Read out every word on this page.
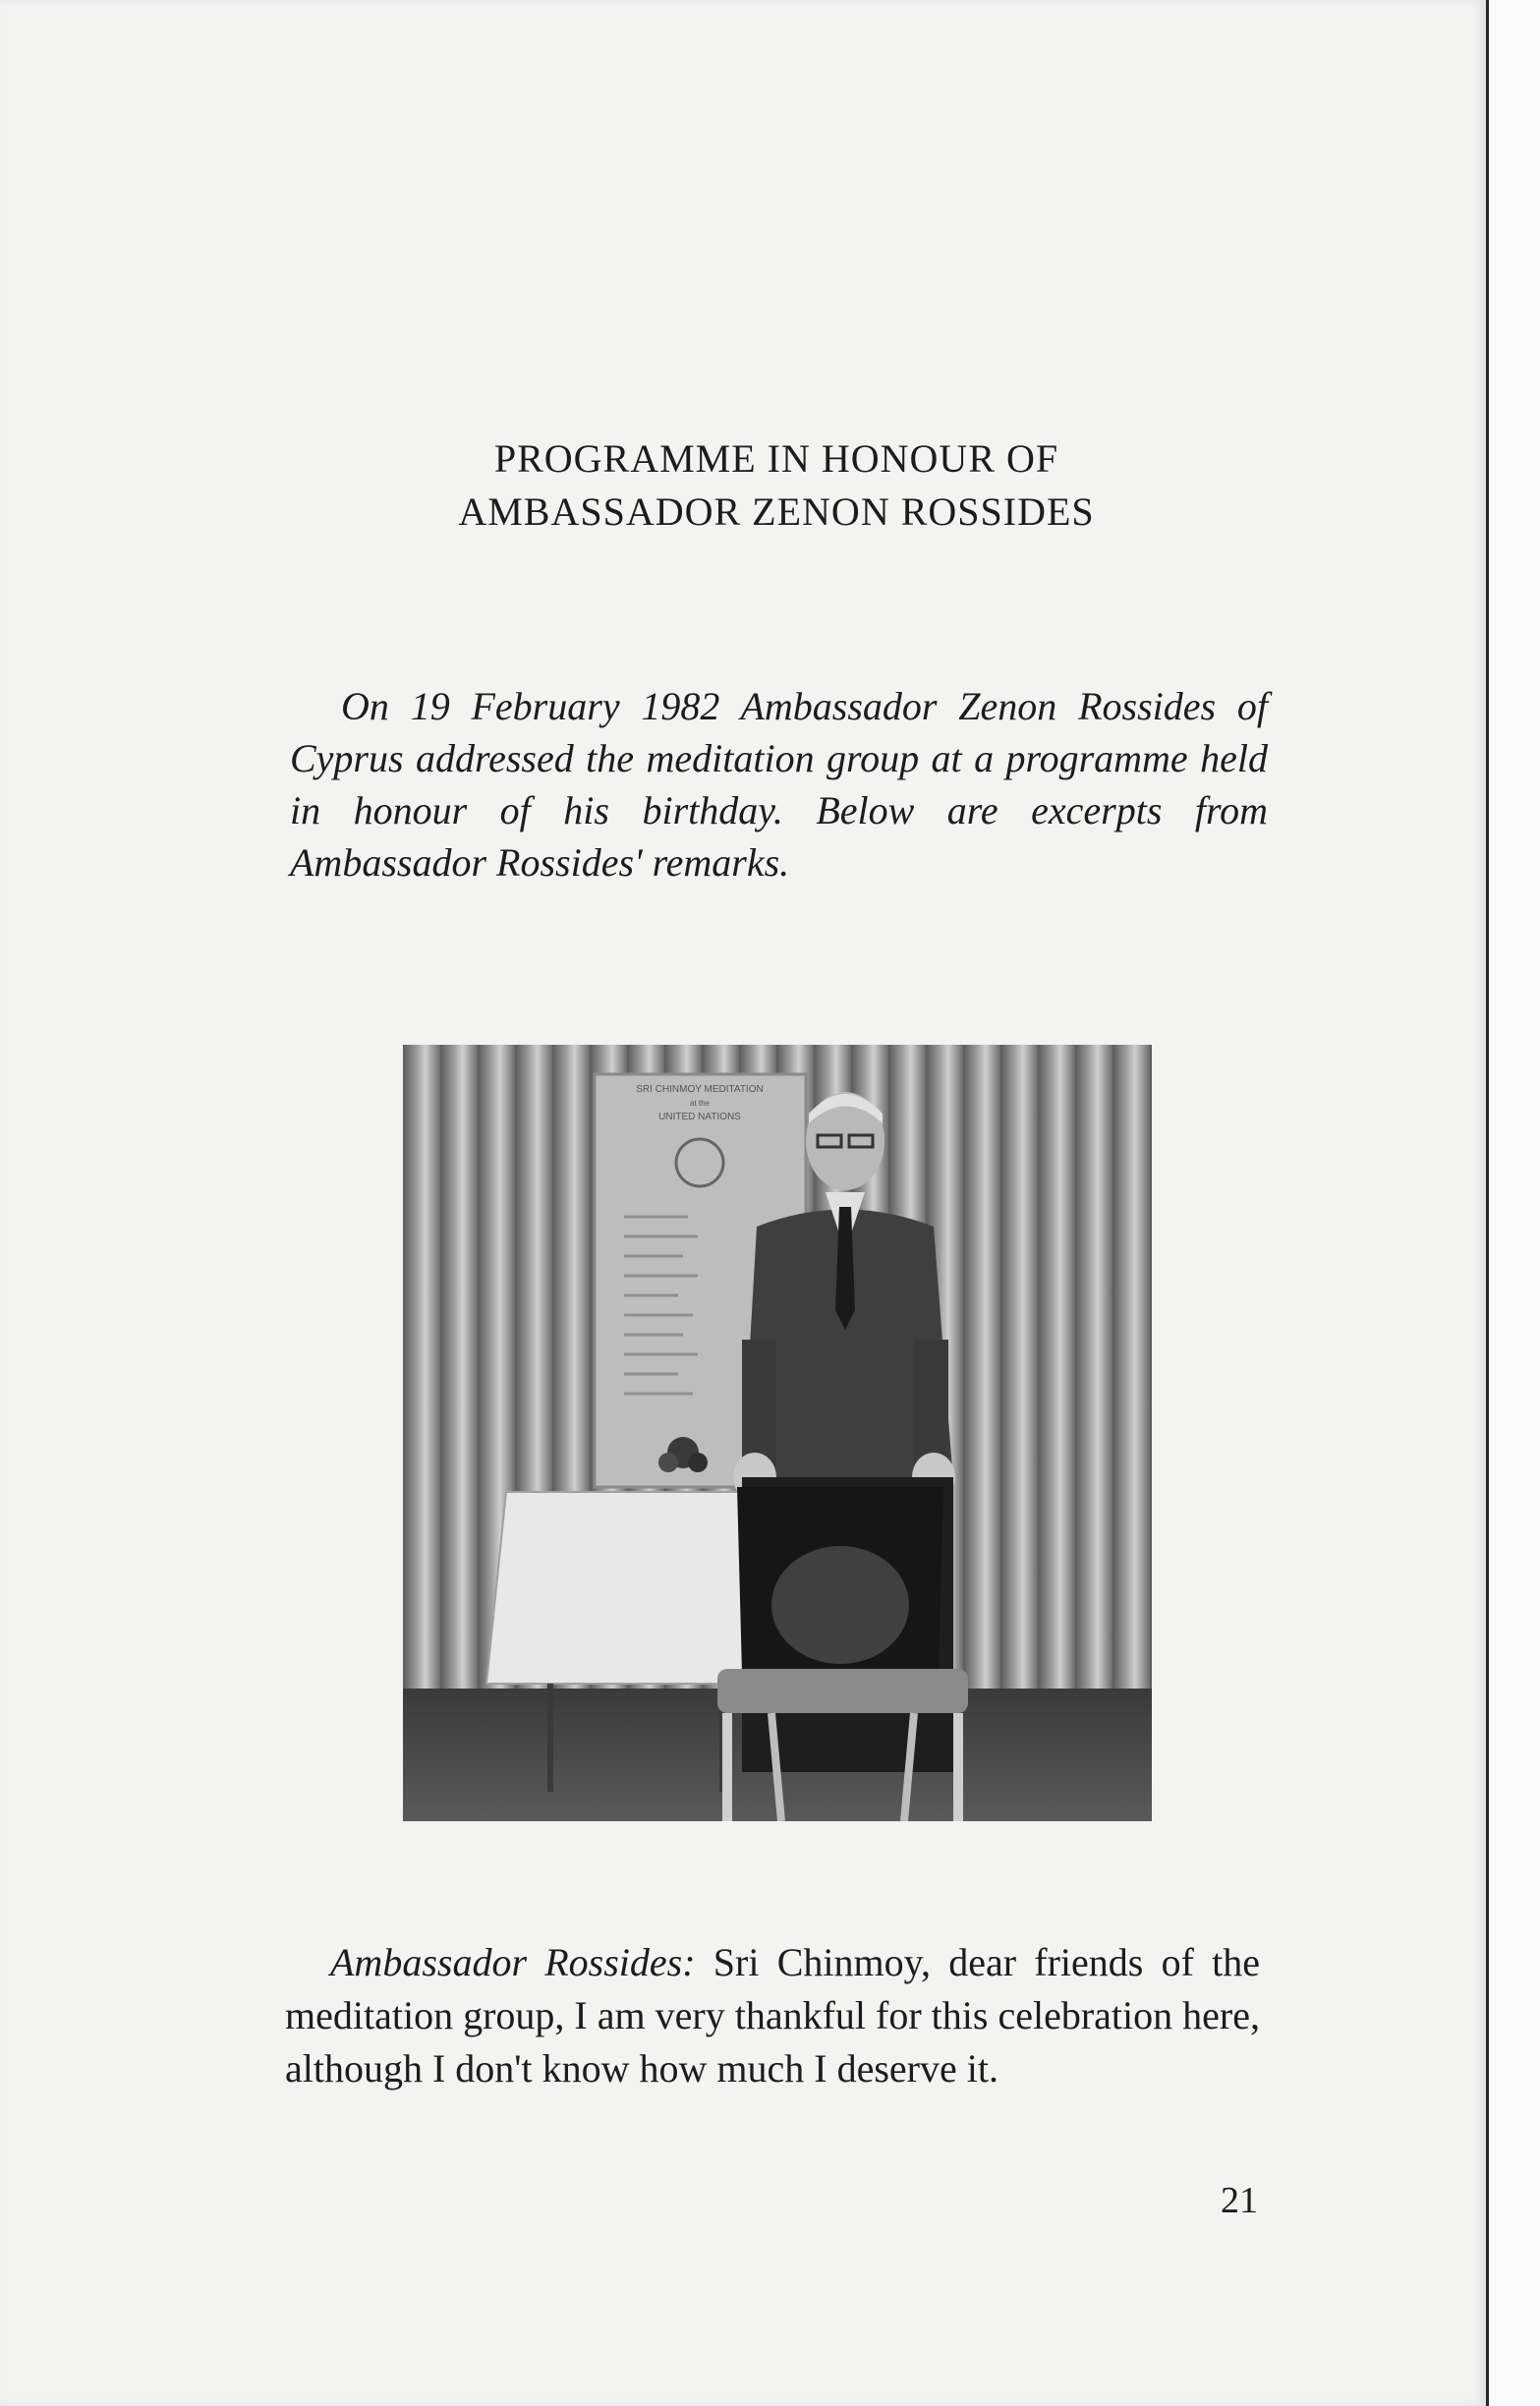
PROGRAMME IN HONOUR OF
AMBASSADOR ZENON ROSSIDES

On 19 February 1982 Ambassador Zenon Rossides of Cyprus addressed the meditation group at a programme held in honour of his birthday. Below are excerpts from Ambassador Rossides' remarks.

SRI CHINMOY MEDITATION
at the
UNITED NATIONS

Ambassador Rossides: Sri Chinmoy, dear friends of the meditation group, I am very thankful for this celebration here, although I don't know how much I deserve it.

21
